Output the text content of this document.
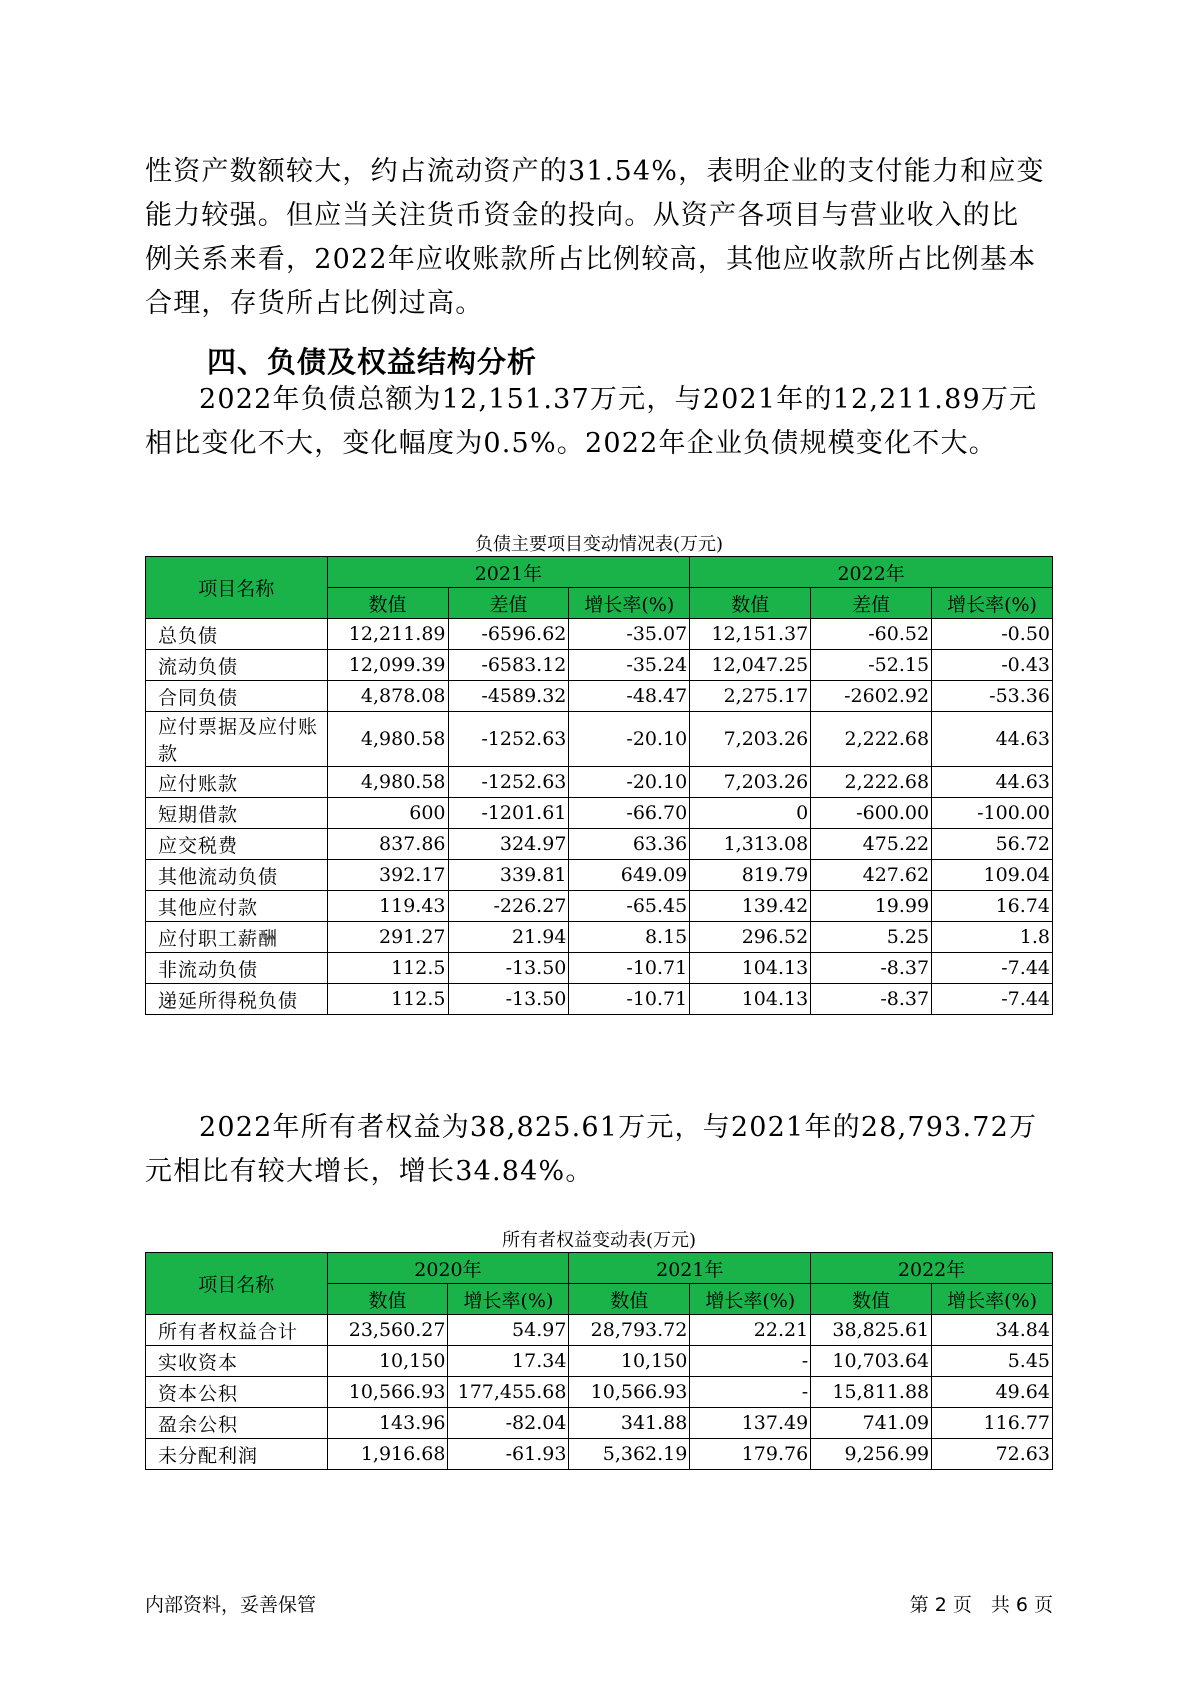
性资产数额较大，约占流动资产的31.54%，表明企业的支付能力和应变能力较强。但应当关注货币资金的投向。从资产各项目与营业收入的比例关系来看，2022年应收账款所占比例较高，其他应收款所占比例基本合理，存货所占比例过高。
四、负债及权益结构分析
2022年负债总额为12,151.37万元，与2021年的12,211.89万元相比变化不大，变化幅度为0.5%。2022年企业负债规模变化不大。
负债主要项目变动情况表(万元)
项目名称	2021年			2022年		
	数值	差值	增长率(%)	数值	差值	增长率(%)
总负债	12,211.89	-6596.62	-35.07	12,151.37	-60.52	-0.50
流动负债	12,099.39	-6583.12	-35.24	12,047.25	-52.15	-0.43
合同负债	4,878.08	-4589.32	-48.47	2,275.17	-2602.92	-53.36
应付票据及应付账款	4,980.58	-1252.63	-20.10	7,203.26	2,222.68	44.63
应付账款	4,980.58	-1252.63	-20.10	7,203.26	2,222.68	44.63
短期借款	600	-1201.61	-66.70	0	-600.00	-100.00
应交税费	837.86	324.97	63.36	1,313.08	475.22	56.72
其他流动负债	392.17	339.81	649.09	819.79	427.62	109.04
其他应付款	119.43	-226.27	-65.45	139.42	19.99	16.74
应付职工薪酬	291.27	21.94	8.15	296.52	5.25	1.8
非流动负债	112.5	-13.50	-10.71	104.13	-8.37	-7.44
递延所得税负债	112.5	-13.50	-10.71	104.13	-8.37	-7.44
2022年所有者权益为38,825.61万元，与2021年的28,793.72万元相比有较大增长，增长34.84%。
所有者权益变动表(万元)
项目名称	2020年		2021年		2022年	
	数值	增长率(%)	数值	增长率(%)	数值	增长率(%)
所有者权益合计	23,560.27	54.97	28,793.72	22.21	38,825.61	34.84
实收资本	10,150	17.34	10,150	-	10,703.64	5.45
资本公积	10,566.93	177,455.68	10,566.93	-	15,811.88	49.64
盈余公积	143.96	-82.04	341.88	137.49	741.09	116.77
未分配利润	1,916.68	-61.93	5,362.19	179.76	9,256.99	72.63
内部资料，妥善保管	第 2 页　共 6 页
